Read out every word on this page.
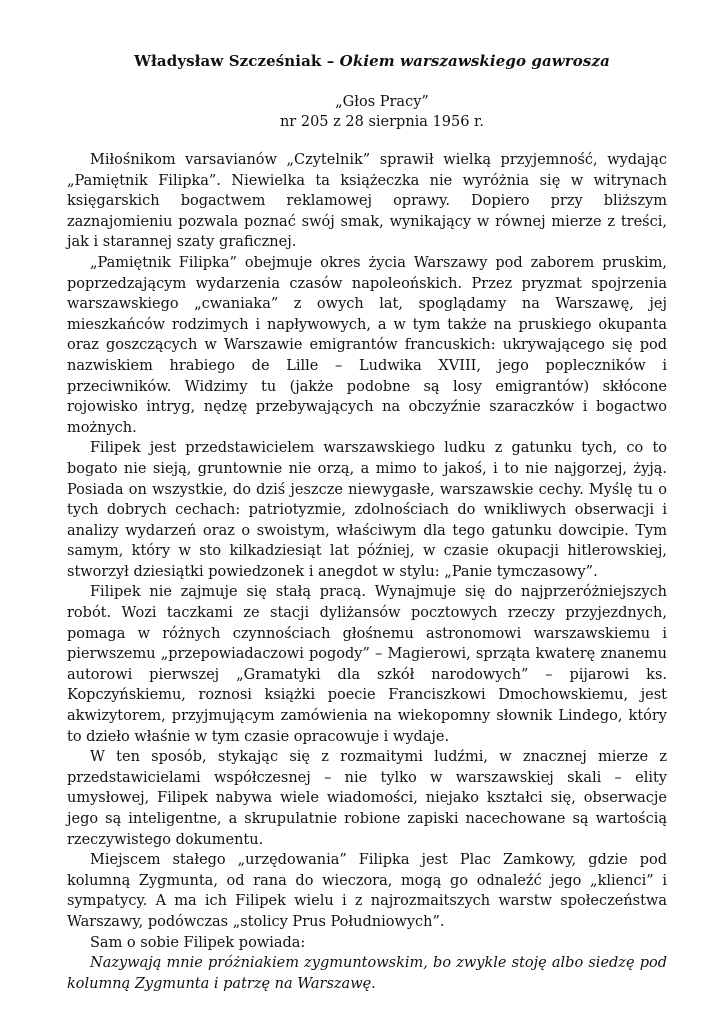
Władysław Szcześniak – Okiem warszawskiego gawrosza
„Głos Pracy”
nr 205 z 28 sierpnia 1956 r.

Miłośnikom varsavianów „Czytelnik” sprawił wielką przyjemność, wydając „Pamiętnik Filipka”. Niewielka ta książeczka nie wyróżnia się w witrynach księgarskich bogactwem reklamowej oprawy. Dopiero przy bliższym zaznajomieniu pozwala poznać swój smak, wynikający w równej mierze z treści, jak i starannej szaty graficznej.

„Pamiętnik Filipka” obejmuje okres życia Warszawy pod zaborem pruskim, poprzedzającym wydarzenia czasów napoleońskich. Przez pryzmat spojrzenia warszawskiego „cwaniaka” z owych lat, spoglądamy na Warszawę, jej mieszkańców rodzimych i napływowych, a w tym także na pruskiego okupanta oraz goszczących w Warszawie emigrantów francuskich: ukrywającego się pod nazwiskiem hrabiego de Lille – Ludwika XVIII, jego popleczników i przeciwników. Widzimy tu (jakże podobne są losy emigrantów) skłócone rojowisko intryg, nędzę przebywających na obczyźnie szaraczków i bogactwo możnych.

Filipek jest przedstawicielem warszawskiego ludku z gatunku tych, co to bogato nie sieją, gruntownie nie orzą, a mimo to jakoś, i to nie najgorzej, żyją. Posiada on wszystkie, do dziś jeszcze niewygasłe, warszawskie cechy. Myślę tu o tych dobrych cechach: patriotyzmie, zdolnościach do wnikliwych obserwacji i analizy wydarzeń oraz o swoistym, właściwym dla tego gatunku dowcipie. Tym samym, który w sto kilkadziesiąt lat później, w czasie okupacji hitlerowskiej, stworzył dziesiątki powiedzonek i anegdot w stylu: „Panie tymczasowy”.

Filipek nie zajmuje się stałą pracą. Wynajmuje się do najprzeróżniejszych robót. Wozi taczkami ze stacji dyliżansów pocztowych rzeczy przyjezdnych, pomaga w różnych czynnościach głośnemu astronomowi warszawskiemu i pierwszemu „przepowiadaczowi pogody” – Magierowi, sprząta kwaterę znanemu autorowi pierwszej „Gramatyki dla szkół narodowych” – pijarowi ks. Kopczyńskiemu, roznosi książki poecie Franciszkowi Dmochowskiemu, jest akwizytorem, przyjmującym zamówienia na wiekopomny słownik Lindego, który to dzieło właśnie w tym czasie opracowuje i wydaje.

W ten sposób, stykając się z rozmaitymi ludźmi, w znacznej mierze z przedstawicielami współczesnej – nie tylko w warszawskiej skali – elity umysłowej, Filipek nabywa wiele wiadomości, niejako kształci się, obserwacje jego są inteligentne, a skrupulatnie robione zapiski nacechowane są wartością rzeczywistego dokumentu.

Miejscem stałego „urzędowania” Filipka jest Plac Zamkowy, gdzie pod kolumną Zygmunta, od rana do wieczora, mogą go odnaleźć jego „klienci” i sympatycy. A ma ich Filipek wielu i z najrozmaitszych warstw społeczeństwa Warszawy, podówczas „stolicy Prus Południowych”.

Sam o sobie Filipek powiada:

Nazywają mnie próżniakiem zygmuntowskim, bo zwykle stoję albo siedzę pod kolumną Zygmunta i patrzę na Warszawę.
